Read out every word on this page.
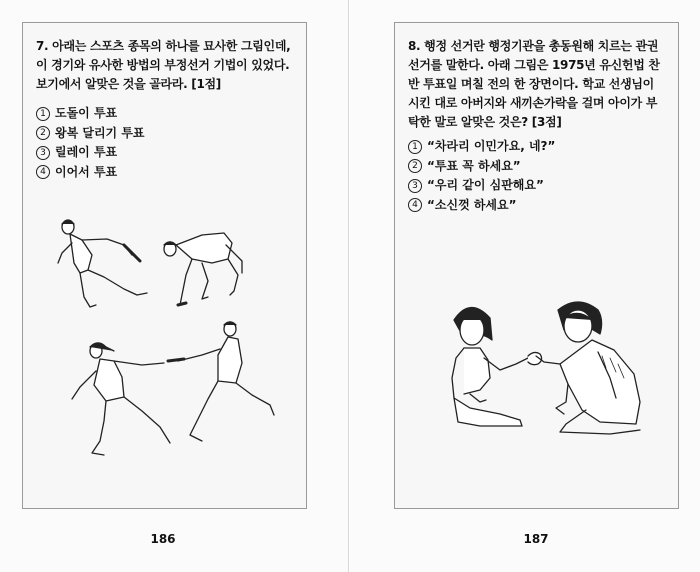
7. 아래는 스포츠 종목의 하나를 묘사한 그림인데, 이 경기와 유사한 방법의 부정선거 기법이 있었다. 보기에서 알맞은 것을 골라라. [1점]
1 도돌이 투표
2 왕복 달리기 투표
3 릴레이 투표
4 이어서 투표
186
8. 행정 선거란 행정기관을 총동원해 치르는 관권 선거를 말한다. 아래 그림은 1975년 유신헌법 찬반 투표일 며칠 전의 한 장면이다. 학교 선생님이 시킨 대로 아버지와 새끼손가락을 걸며 아이가 부탁한 말로 알맞은 것은? [3점]
1 “차라리 이민가요, 네?”
2 “투표 꼭 하세요”
3 “우리 같이 심판해요”
4 “소신껏 하세요”
187
